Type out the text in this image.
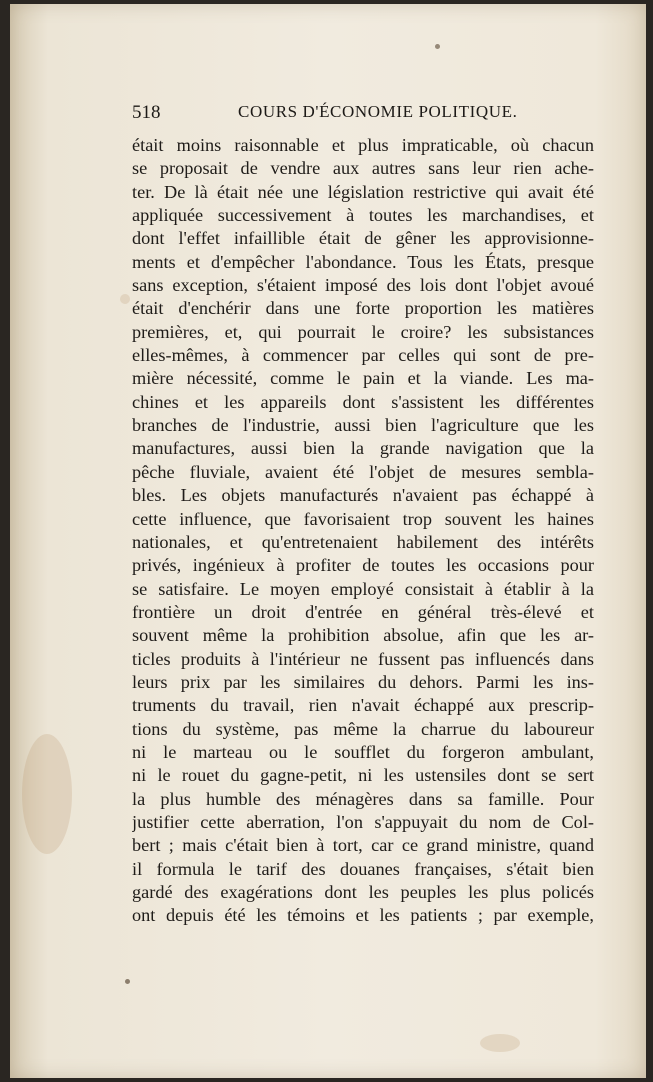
518	COURS D'ÉCONOMIE POLITIQUE.
était moins raisonnable et plus impraticable, où chacun
se proposait de vendre aux autres sans leur rien ache-
ter. De là était née une législation restrictive qui avait été
appliquée successivement à toutes les marchandises, et
dont l'effet infaillible était de gêner les approvisionne-
ments et d'empêcher l'abondance. Tous les États, presque
sans exception, s'étaient imposé des lois dont l'objet avoué
était d'enchérir dans une forte proportion les matières
premières, et, qui pourrait le croire? les subsistances
elles-mêmes, à commencer par celles qui sont de pre-
mière nécessité, comme le pain et la viande. Les ma-
chines et les appareils dont s'assistent les différentes
branches de l'industrie, aussi bien l'agriculture que les
manufactures, aussi bien la grande navigation que la
pêche fluviale, avaient été l'objet de mesures sembla-
bles. Les objets manufacturés n'avaient pas échappé à
cette influence, que favorisaient trop souvent les haines
nationales, et qu'entretenaient habilement des intérêts
privés, ingénieux à profiter de toutes les occasions pour
se satisfaire. Le moyen employé consistait à établir à la
frontière un droit d'entrée en général très-élevé et
souvent même la prohibition absolue, afin que les ar-
ticles produits à l'intérieur ne fussent pas influencés dans
leurs prix par les similaires du dehors. Parmi les ins-
truments du travail, rien n'avait échappé aux prescrip-
tions du système, pas même la charrue du laboureur
ni le marteau ou le soufflet du forgeron ambulant,
ni le rouet du gagne-petit, ni les ustensiles dont se sert
la plus humble des ménagères dans sa famille. Pour
justifier cette aberration, l'on s'appuyait du nom de Col-
bert ; mais c'était bien à tort, car ce grand ministre, quand
il formula le tarif des douanes françaises, s'était bien
gardé des exagérations dont les peuples les plus policés
ont depuis été les témoins et les patients ; par exemple,
